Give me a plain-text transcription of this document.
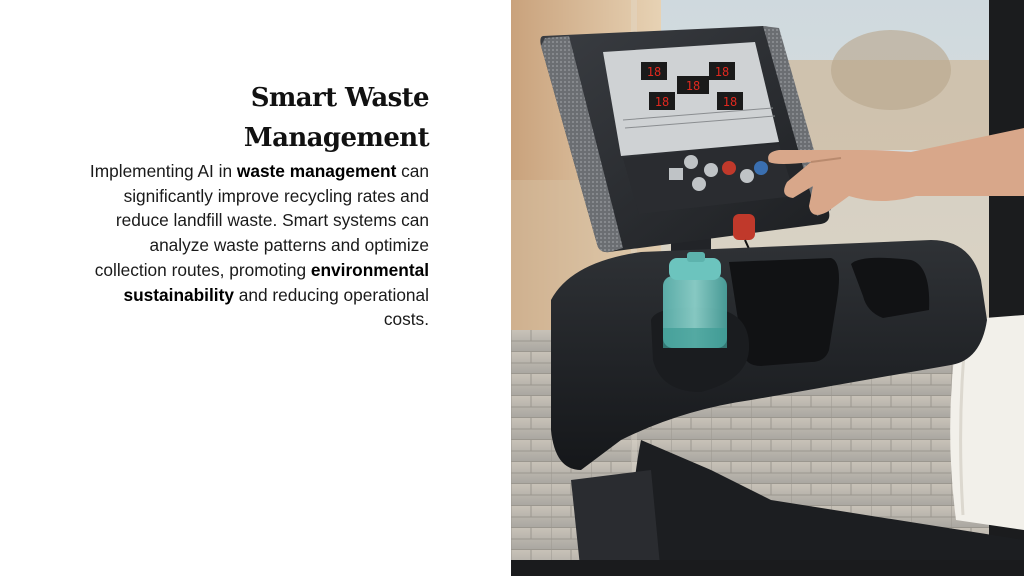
Smart Waste Management

Implementing AI in waste management can significantly improve recycling rates and reduce landfill waste. Smart systems can analyze waste patterns and optimize collection routes, promoting environmental sustainability and reducing operational costs.

18
18
18
18	18
